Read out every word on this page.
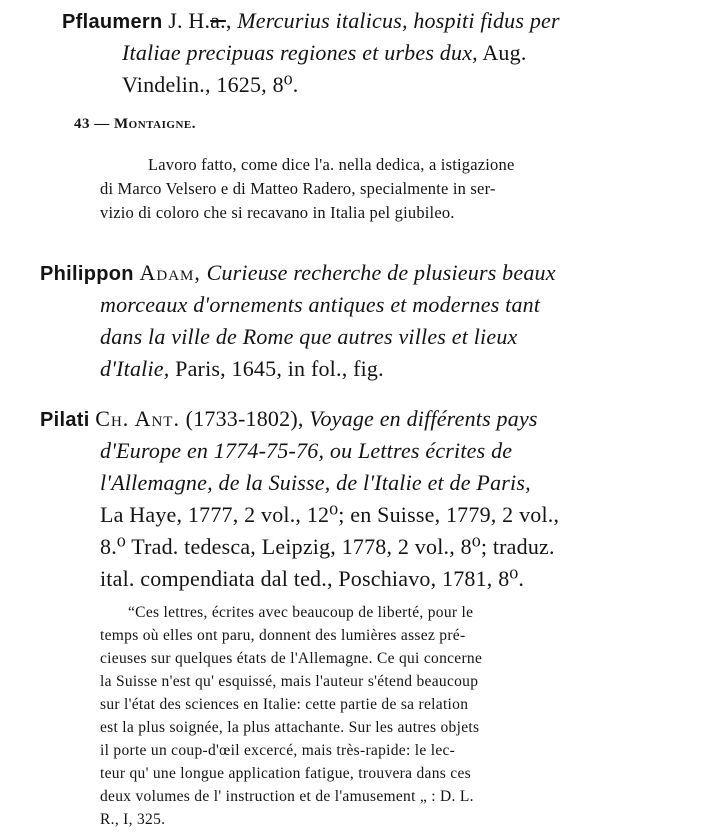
Pflaumern J. H.a., Mercurius italicus, hospiti fidus per
Italiae precipuas regiones et urbes dux, Aug.
Vindelin., 1625, 8⁰.
43 — Montaigne.
Lavoro fatto, come dice l'a. nella dedica, a istigazione
di Marco Velsero e di Matteo Radero, specialmente in ser-
vizio di coloro che si recavano in Italia pel giubileo.
Philippon Adam, Curieuse recherche de plusieurs beaux
morceaux d'ornements antiques et modernes tant
dans la ville de Rome que autres villes et lieux
d'Italie, Paris, 1645, in fol., fig.
Pilati Ch. Ant. (1733-1802), Voyage en différents pays
d'Europe en 1774-75-76, ou Lettres écrites de
l'Allemagne, de la Suisse, de l'Italie et de Paris,
La Haye, 1777, 2 vol., 12⁰; en Suisse, 1779, 2 vol.,
8.⁰ Trad. tedesca, Leipzig, 1778, 2 vol., 8⁰; traduz.
ital. compendiata dal ted., Poschiavo, 1781, 8⁰.
“Ces lettres, écrites avec beaucoup de liberté, pour le
temps où elles ont paru, donnent des lumières assez pré-
cieuses sur quelques états de l'Allemagne. Ce qui concerne
la Suisse n'est qu' esquissé, mais l'auteur s'étend beaucoup
sur l'état des sciences en Italie: cette partie de sa relation
est la plus soignée, la plus attachante. Sur les autres objets
il porte un coup-d'œil excercé, mais très-rapide: le lec-
teur qu' une longue application fatigue, trouvera dans ces
deux volumes de l' instruction et de l'amusement „ : D. L.
R., I, 325.
